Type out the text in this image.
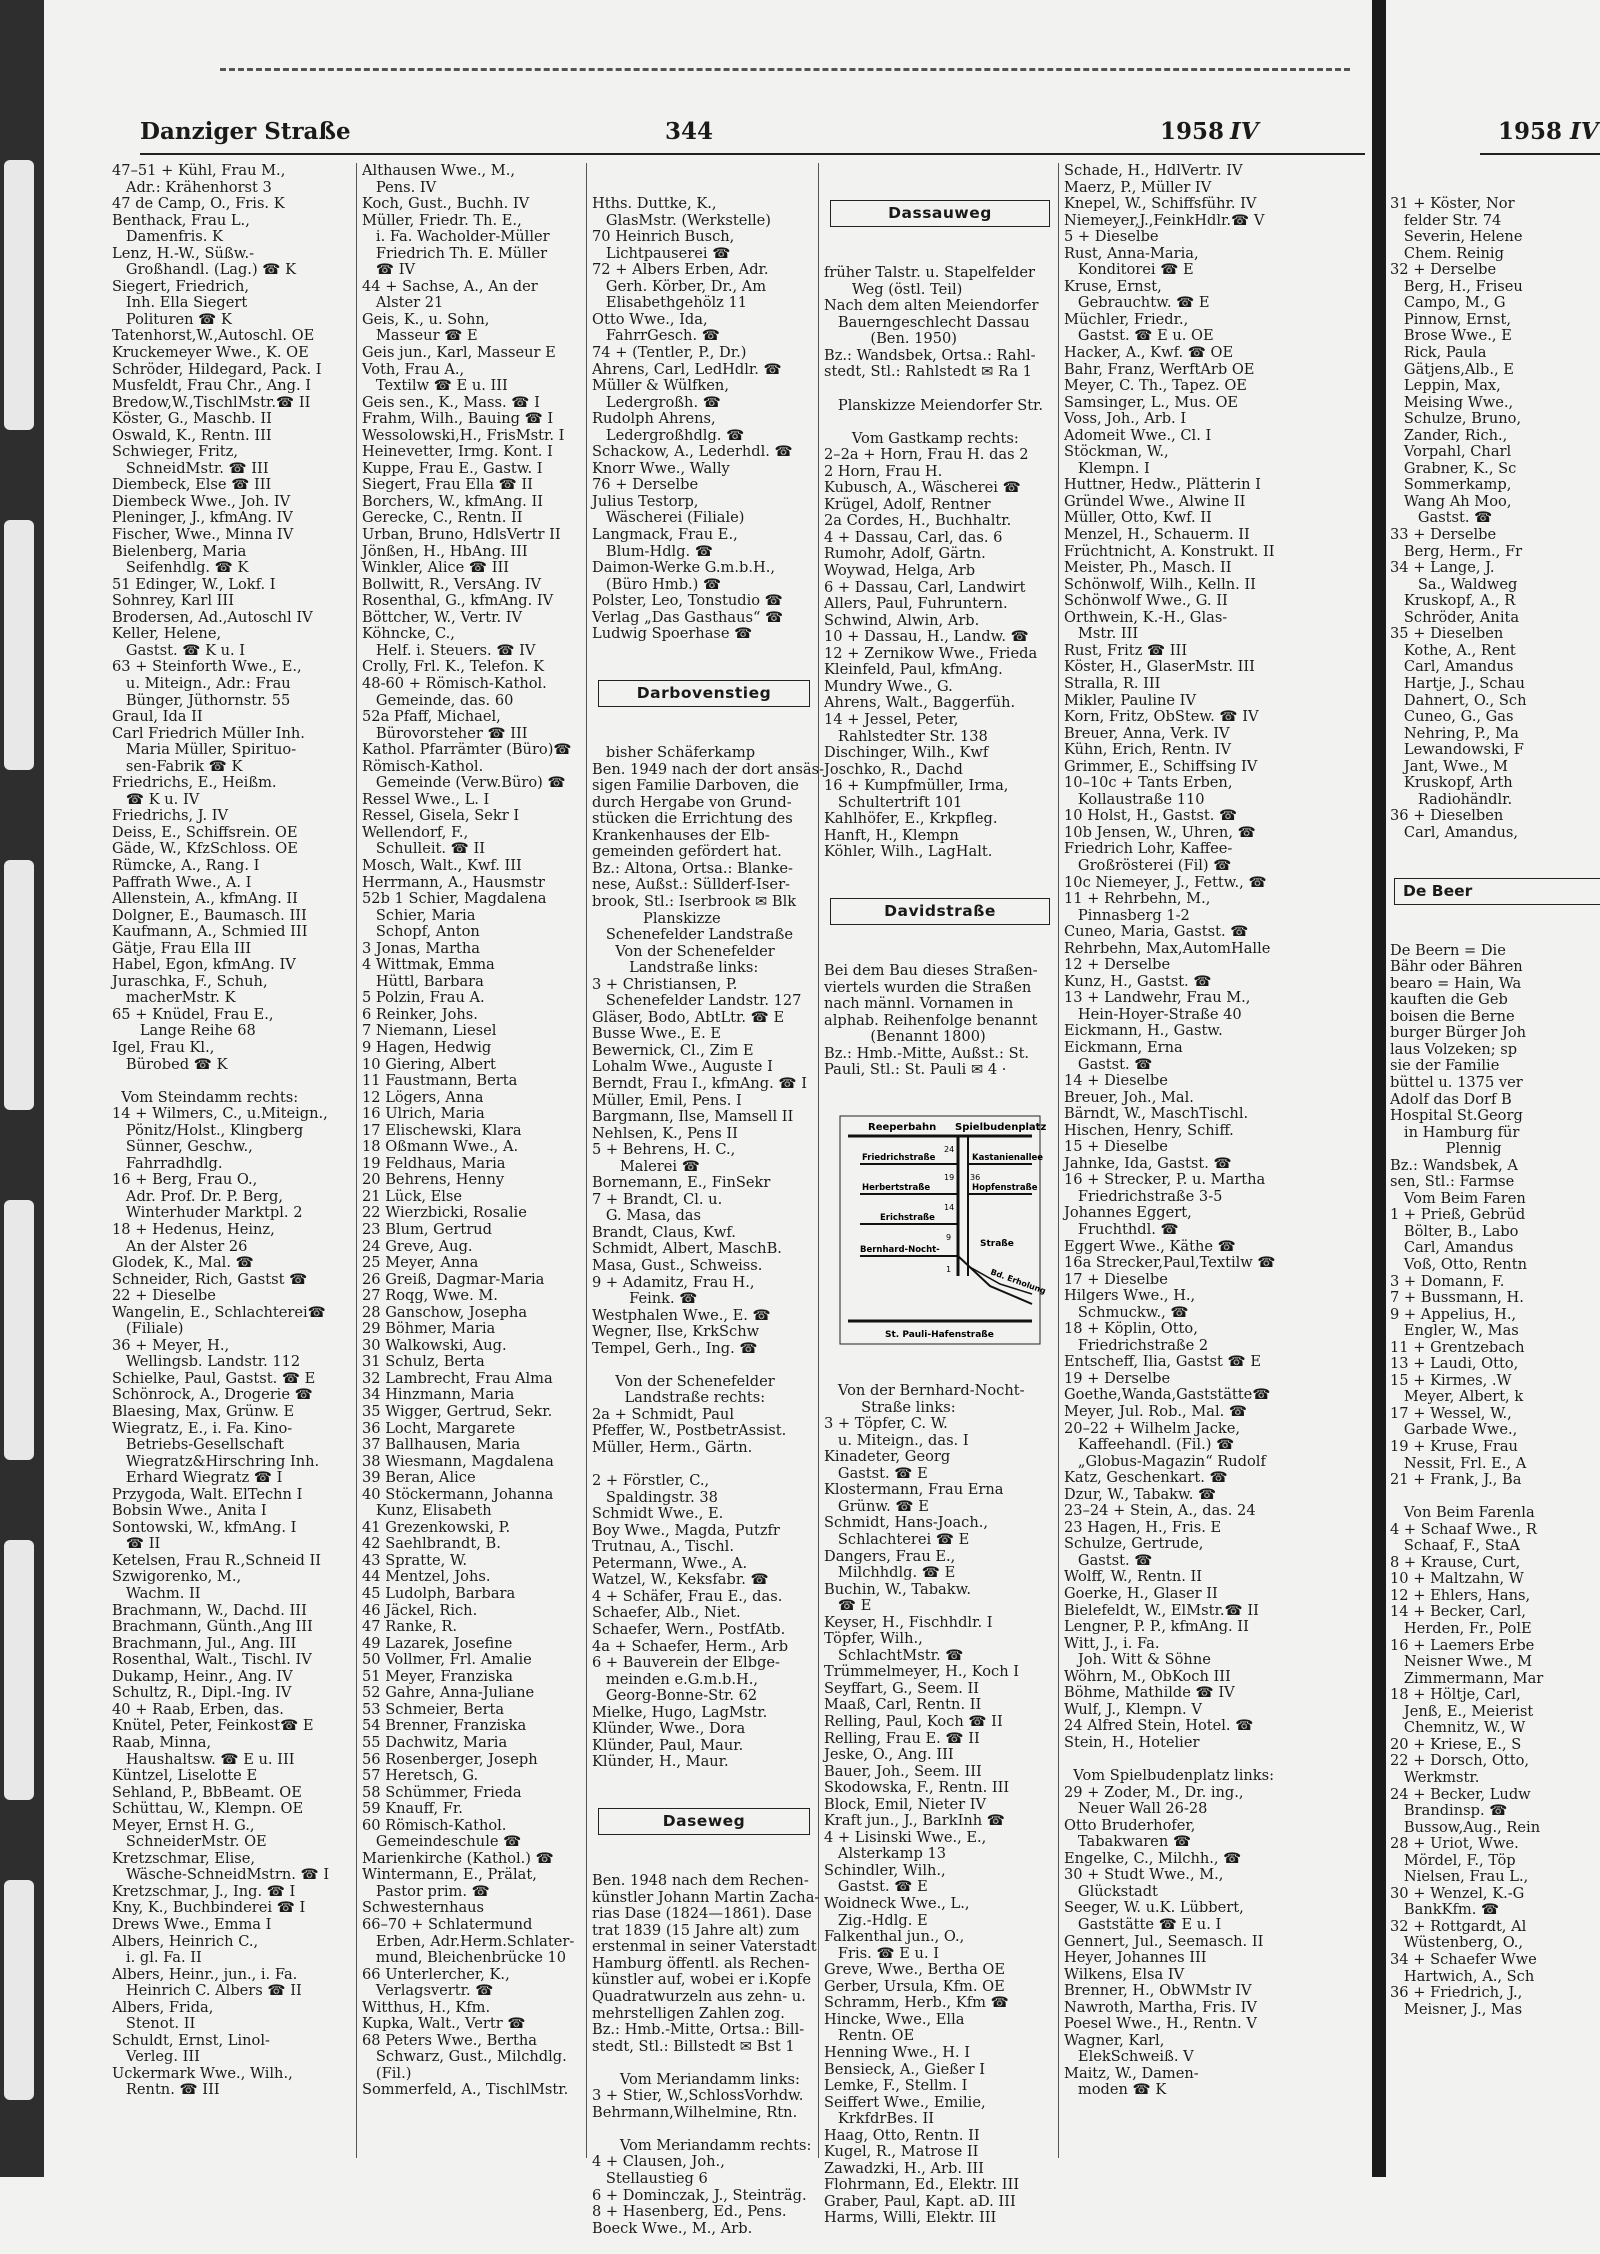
Danziger Straße	344	1958 IV	1958 IV
47–51 + Kühl, Frau M.,
Adr.: Krähenhorst 3
47 de Camp, O., Fris. K
Benthack, Frau L.,
Damenfris. K
Lenz, H.-W., Süßw.-
Großhandl. (Lag.) ☎ K
Siegert, Friedrich,
Inh. Ella Siegert
Polituren ☎ K
Tatenhorst,W.,Autoschl. OE
Kruckemeyer Wwe., K. OE
Schröder, Hildegard, Pack. I
Musfeldt, Frau Chr., Ang. I
Bredow,W.,TischlMstr.☎ II
Köster, G., Maschb. II
Oswald, K., Rentn. III
Schwieger, Fritz,
SchneidMstr. ☎ III
Diembeck, Else ☎ III
Diembeck Wwe., Joh. IV
Pleninger, J., kfmAng. IV
Fischer, Wwe., Minna IV
Bielenberg, Maria
Seifenhdlg. ☎ K
51 Edinger, W., Lokf. I
Sohnrey, Karl III
Brodersen, Ad.,Autoschl IV
Keller, Helene,
Gastst. ☎ K u. I
63 + Steinforth Wwe., E.,
u. Miteign., Adr.: Frau
Bünger, Jüthornstr. 55
Graul, Ida II
Carl Friedrich Müller Inh.
Maria Müller, Spirituo-
sen-Fabrik ☎ K
Friedrichs, E., Heißm.
☎ K u. IV
Friedrichs, J. IV
Deiss, E., Schiffsrein. OE
Gäde, W., KfzSchloss. OE
Rümcke, A., Rang. I
Paffrath Wwe., A. I
Allenstein, A., kfmAng. II
Dolgner, E., Baumasch. III
Kaufmann, A., Schmied III
Gätje, Frau Ella III
Habel, Egon, kfmAng. IV
Juraschka, F., Schuh,
macherMstr. K
65 + Knüdel, Frau E.,
Lange Reihe 68
Igel, Frau Kl.,
Bürobed ☎ K

Vom Steindamm rechts:
14 + Wilmers, C., u.Miteign.,
Pönitz/Holst., Klingberg
Sünner, Geschw.,
Fahrradhdlg.
16 + Berg, Frau O.,
Adr. Prof. Dr. P. Berg,
Winterhuder Marktpl. 2
18 + Hedenus, Heinz,
An der Alster 26
Glodek, K., Mal. ☎
Schneider, Rich, Gastst ☎
22 + Dieselbe
Wangelin, E., Schlachterei☎
(Filiale)
36 + Meyer, H.,
Wellingsb. Landstr. 112
Schielke, Paul, Gastst. ☎ E
Schönrock, A., Drogerie ☎
Blaesing, Max, Grünw. E
Wiegratz, E., i. Fa. Kino-
Betriebs-Gesellschaft
Wiegratz&Hirschring Inh.
Erhard Wiegratz ☎ I
Przygoda, Walt. ElTechn I
Bobsin Wwe., Anita I
Sontowski, W., kfmAng. I
☎ II
Ketelsen, Frau R.,Schneid II
Szwigorenko, M.,
Wachm. II
Brachmann, W., Dachd. III
Brachmann, Günth.,Ang III
Brachmann, Jul., Ang. III
Rosenthal, Walt., Tischl. IV
Dukamp, Heinr., Ang. IV
Schultz, R., Dipl.-Ing. IV
40 + Raab, Erben, das.
Knütel, Peter, Feinkost☎ E
Raab, Minna,
Haushaltsw. ☎ E u. III
Küntzel, Liselotte E
Sehland, P., BbBeamt. OE
Schüttau, W., Klempn. OE
Meyer, Ernst H. G.,
SchneiderMstr. OE
Kretzschmar, Elise,
Wäsche-SchneidMstrn. ☎ I
Kretzschmar, J., Ing. ☎ I
Kny, K., Buchbinderei ☎ I
Drews Wwe., Emma I
Albers, Heinrich C.,
i. gl. Fa. II
Albers, Heinr., jun., i. Fa.
Heinrich C. Albers ☎ II
Albers, Frida,
Stenot. II
Schuldt, Ernst, Linol-
Verleg. III
Uckermark Wwe., Wilh.,
Rentn. ☎ III
Althausen Wwe., M.,
Pens. IV
Koch, Gust., Buchh. IV
Müller, Friedr. Th. E.,
i. Fa. Wacholder-Müller
Friedrich Th. E. Müller
☎ IV
44 + Sachse, A., An der
Alster 21
Geis, K., u. Sohn,
Masseur ☎ E
Geis jun., Karl, Masseur E
Voth, Frau A.,
Textilw ☎ E u. III
Geis sen., K., Mass. ☎ I
Frahm, Wilh., Bauing ☎ I
Wessolowski,H., FrisMstr. I
Heinevetter, Irmg. Kont. I
Kuppe, Frau E., Gastw. I
Siegert, Frau Ella ☎ II
Borchers, W., kfmAng. II
Gerecke, C., Rentn. II
Urban, Bruno, HdlsVertr II
Jönßen, H., HbAng. III
Winkler, Alice ☎ III
Bollwitt, R., VersAng. IV
Rosenthal, G., kfmAng. IV
Böttcher, W., Vertr. IV
Köhncke, C.,
Helf. i. Steuers. ☎ IV
Crolly, Frl. K., Telefon. K
48-60 + Römisch-Kathol.
Gemeinde, das. 60
52a Pfaff, Michael,
Bürovorsteher ☎ III
Kathol. Pfarrämter (Büro)☎
Römisch-Kathol.
Gemeinde (Verw.Büro) ☎
Ressel Wwe., L. I
Ressel, Gisela, Sekr I
Wellendorf, F.,
Schulleit. ☎ II
Mosch, Walt., Kwf. III
Herrmann, A., Hausmstr
52b 1 Schier, Magdalena
Schier, Maria
Schopf, Anton
3 Jonas, Martha
4 Wittmak, Emma
Hüttl, Barbara
5 Polzin, Frau A.
6 Reinker, Johs.
7 Niemann, Liesel
9 Hagen, Hedwig
10 Giering, Albert
11 Faustmann, Berta
12 Lögers, Anna
16 Ulrich, Maria
17 Elischewski, Klara
18 Oßmann Wwe., A.
19 Feldhaus, Maria
20 Behrens, Henny
21 Lück, Else
22 Wierzbicki, Rosalie
23 Blum, Gertrud
24 Greve, Aug.
25 Meyer, Anna
26 Greiß, Dagmar-Maria
27 Roqg, Wwe. M.
28 Ganschow, Josepha
29 Böhmer, Maria
30 Walkowski, Aug.
31 Schulz, Berta
32 Lambrecht, Frau Alma
34 Hinzmann, Maria
35 Wigger, Gertrud, Sekr.
36 Locht, Margarete
37 Ballhausen, Maria
38 Wiesmann, Magdalena
39 Beran, Alice
40 Stöckermann, Johanna
Kunz, Elisabeth
41 Grezenkowski, P.
42 Saehlbrandt, B.
43 Spratte, W.
44 Mentzel, Johs.
45 Ludolph, Barbara
46 Jäckel, Rich.
47 Ranke, R.
49 Lazarek, Josefine
50 Vollmer, Frl. Amalie
51 Meyer, Franziska
52 Gahre, Anna-Juliane
53 Schmeier, Berta
54 Brenner, Franziska
55 Dachwitz, Maria
56 Rosenberger, Joseph
57 Heretsch, G.
58 Schümmer, Frieda
59 Knauff, Fr.
60 Römisch-Kathol.
Gemeindeschule ☎
Marienkirche (Kathol.) ☎
Wintermann, E., Prälat,
Pastor prim. ☎
Schwesternhaus
66–70 + Schlatermund
Erben, Adr.Herm.Schlater-
mund, Bleichenbrücke 10
66 Unterlercher, K.,
Verlagsvertr. ☎
Witthus, H., Kfm.
Kupka, Walt., Vertr ☎
68 Peters Wwe., Bertha
Schwarz, Gust., Milchdlg.
(Fil.)
Sommerfeld, A., TischlMstr.

Hths. Duttke, K.,
GlasMstr. (Werkstelle)
70 Heinrich Busch,
Lichtpauserei ☎
72 + Albers Erben, Adr.
Gerh. Körber, Dr., Am
Elisabethgehölz 11
Otto Wwe., Ida,
FahrrGesch. ☎
74 + (Tentler, P., Dr.)
Ahrens, Carl, LedHdlr. ☎
Müller & Wülfken,
Ledergroßh. ☎
Rudolph Ahrens,
Ledergroßhdlg. ☎
Schackow, A., Lederhdl. ☎
Knorr Wwe., Wally
76 + Derselbe
Julius Testorp,
Wäscherei (Filiale)
Langmack, Frau E.,
Blum-Hdlg. ☎
Daimon-Werke G.m.b.H.,
(Büro Hmb.) ☎
Polster, Leo, Tonstudio ☎
Verlag „Das Gasthaus“ ☎
Ludwig Spoerhase ☎

Darbovenstieg

bisher Schäferkamp
Ben. 1949 nach der dort ansäs-
sigen Familie Darboven, die
durch Hergabe von Grund-
stücken die Errichtung des
Krankenhauses der Elb-
gemeinden gefördert hat.
Bz.: Altona, Ortsa.: Blanke-
nese, Außst.: Süllderf-Iser-
brook, Stl.: Iserbrook ✉ Blk
Planskizze
Schenefelder Landstraße
Von der Schenefelder
Landstraße links:
3 + Christiansen, P.
Schenefelder Landstr. 127
Gläser, Bodo, AbtLtr. ☎ E
Busse Wwe., E. E
Bewernick, Cl., Zim E
Lohalm Wwe., Auguste I
Berndt, Frau I., kfmAng. ☎ I
Müller, Emil, Pens. I
Bargmann, Ilse, Mamsell II
Nehlsen, K., Pens II
5 + Behrens, H. C.,
Malerei ☎
Bornemann, E., FinSekr
7 + Brandt, Cl. u.
G. Masa, das
Brandt, Claus, Kwf.
Schmidt, Albert, MaschB.
Masa, Gust., Schweiss.
9 + Adamitz, Frau H.,
Feink. ☎
Westphalen Wwe., E. ☎
Wegner, Ilse, KrkSchw
Tempel, Gerh., Ing. ☎

Von der Schenefelder
Landstraße rechts:
2a + Schmidt, Paul
Pfeffer, W., PostbetrAssist.
Müller, Herm., Gärtn.

2 + Förstler, C.,
Spaldingstr. 38
Schmidt Wwe., E.
Boy Wwe., Magda, Putzfr
Trutnau, A., Tischl.
Petermann, Wwe., A.
Watzel, W., Keksfabr. ☎
4 + Schäfer, Frau E., das.
Schaefer, Alb., Niet.
Schaefer, Wern., PostfAtb.
4a + Schaefer, Herm., Arb
6 + Bauverein der Elbge-
meinden e.G.m.b.H.,
Georg-Bonne-Str. 62
Mielke, Hugo, LagMstr.
Klünder, Wwe., Dora
Klünder, Paul, Maur.
Klünder, H., Maur.

Daseweg

Ben. 1948 nach dem Rechen-
künstler Johann Martin Zacha-
rias Dase (1824—1861). Dase
trat 1839 (15 Jahre alt) zum
erstenmal in seiner Vaterstadt
Hamburg öffentl. als Rechen-
künstler auf, wobei er i.Kopfe
Quadratwurzeln aus zehn- u.
mehrstelligen Zahlen zog.
Bz.: Hmb.-Mitte, Ortsa.: Bill-
stedt, Stl.: Billstedt ✉ Bst 1

Vom Meriandamm links:
3 + Stier, W.,SchlossVorhdw.
Behrmann,Wilhelmine, Rtn.

Vom Meriandamm rechts:
4 + Clausen, Joh.,
Stellaustieg 6
6 + Dominczak, J., Steinträg.
8 + Hasenberg, Ed., Pens.
Boeck Wwe., M., Arb.

Dassauweg

früher Talstr. u. Stapelfelder
Weg (östl. Teil)
Nach dem alten Meiendorfer
Bauerngeschlecht Dassau
(Ben. 1950)
Bz.: Wandsbek, Ortsa.: Rahl-
stedt, Stl.: Rahlstedt ✉ Ra 1

Planskizze Meiendorfer Str.

Vom Gastkamp rechts:
2–2a + Horn, Frau H. das 2
2 Horn, Frau H.
Kubusch, A., Wäscherei ☎
Krügel, Adolf, Rentner
2a Cordes, H., Buchhaltr.
4 + Dassau, Carl, das. 6
Rumohr, Adolf, Gärtn.
Woywad, Helga, Arb
6 + Dassau, Carl, Landwirt
Allers, Paul, Fuhruntern.
Schwind, Alwin, Arb.
10 + Dassau, H., Landw. ☎
12 + Zernikow Wwe., Frieda
Kleinfeld, Paul, kfmAng.
Mundry Wwe., G.
Ahrens, Walt., Baggerfüh.
14 + Jessel, Peter,
Rahlstedter Str. 138
Dischinger, Wilh., Kwf
Joschko, R., Dachd
16 + Kumpfmüller, Irma,
Schultertrift 101
Kahlhöfer, E., Krkpfleg.
Hanft, H., Klempn
Köhler, Wilh., LagHalt.

Davidstraße

Bei dem Bau dieses Straßen-
viertels wurden die Straßen
nach männl. Vornamen in
alphab. Reihenfolge benannt
(Benannt 1800)
Bz.: Hmb.-Mitte, Außst.: St.
Pauli, Stl.: St. Pauli ✉ 4 ·

Reeperbahn Spielbudenplatz
Friedrichstraße	Kastanienallee
Herbertstraße	Hopfenstraße
Erichstraße
Bernhard-Nocht-
Straße
Bd. Erholung
St. Pauli-Hafenstraße
24
19 36
14
9
1

Von der Bernhard-Nocht-
Straße links:
3 + Töpfer, C. W.
u. Miteign., das. I
Kinadeter, Georg
Gastst. ☎ E
Klostermann, Frau Erna
Grünw. ☎ E
Schmidt, Hans-Joach.,
Schlachterei ☎ E
Dangers, Frau E.,
Milchhdlg. ☎ E
Buchin, W., Tabakw.
☎ E
Keyser, H., Fischhdlr. I
Töpfer, Wilh.,
SchlachtMstr. ☎
Trümmelmeyer, H., Koch I
Seyffart, G., Seem. II
Maaß, Carl, Rentn. II
Relling, Paul, Koch ☎ II
Relling, Frau E. ☎ II
Jeske, O., Ang. III
Bauer, Joh., Seem. III
Skodowska, F., Rentn. III
Block, Emil, Nieter IV
Kraft jun., J., BarkInh ☎
4 + Lisinski Wwe., E.,
Alsterkamp 13
Schindler, Wilh.,
Gastst. ☎ E
Woidneck Wwe., L.,
Zig.-Hdlg. E
Falkenthal jun., O.,
Fris. ☎ E u. I
Greve, Wwe., Bertha OE
Gerber, Ursula, Kfm. OE
Schramm, Herb., Kfm ☎
Hincke, Wwe., Ella
Rentn. OE
Henning Wwe., H. I
Bensieck, A., Gießer I
Lemke, F., Stellm. I
Seiffert Wwe., Emilie,
KrkfdrBes. II
Haag, Otto, Rentn. II
Kugel, R., Matrose II
Zawadzki, H., Arb. III
Flohrmann, Ed., Elektr. III
Graber, Paul, Kapt. aD. III
Harms, Willi, Elektr. III

Schade, H., HdlVertr. IV
Maerz, P., Müller IV
Knepel, W., Schiffsführ. IV
Niemeyer,J.,FeinkHdlr.☎ V
5 + Dieselbe
Rust, Anna-Maria,
Konditorei ☎ E
Kruse, Ernst,
Gebrauchtw. ☎ E
Müchler, Friedr.,
Gastst. ☎ E u. OE
Hacker, A., Kwf. ☎ OE
Bahr, Franz, WerftArb OE
Meyer, C. Th., Tapez. OE
Samsinger, L., Mus. OE
Voss, Joh., Arb. I
Adomeit Wwe., Cl. I
Stöckman, W.,
Klempn. I
Huttner, Hedw., Plätterin I
Gründel Wwe., Alwine II
Müller, Otto, Kwf. II
Menzel, H., Schauerm. II
Früchtnicht, A. Konstrukt. II
Meister, Ph., Masch. II
Schönwolf, Wilh., Kelln. II
Schönwolf Wwe., G. II
Orthwein, K.-H., Glas-
Mstr. III
Rust, Fritz ☎ III
Köster, H., GlaserMstr. III
Stralla, R. III
Mikler, Pauline IV
Korn, Fritz, ObStew. ☎ IV
Breuer, Anna, Verk. IV
Kühn, Erich, Rentn. IV
Grimmer, E., Schiffsing IV
10–10c + Tants Erben,
Kollaustraße 110
10 Holst, H., Gastst. ☎
10b Jensen, W., Uhren, ☎
Friedrich Lohr, Kaffee-
Großrösterei (Fil) ☎
10c Niemeyer, J., Fettw., ☎
11 + Rehrbehn, M.,
Pinnasberg 1-2
Cuneo, Maria, Gastst. ☎
Rehrbehn, Max,AutomHalle
12 + Derselbe
Kunz, H., Gastst. ☎
13 + Landwehr, Frau M.,
Hein-Hoyer-Straße 40
Eickmann, H., Gastw.
Eickmann, Erna
Gastst. ☎
14 + Dieselbe
Breuer, Joh., Mal.
Bärndt, W., MaschTischl.
Hischen, Henry, Schiff.
15 + Dieselbe
Jahnke, Ida, Gastst. ☎
16 + Strecker, P. u. Martha
Friedrichstraße 3-5
Johannes Eggert,
Fruchthdl. ☎
Eggert Wwe., Käthe ☎
16a Strecker,Paul,Textilw ☎
17 + Dieselbe
Hilgers Wwe., H.,
Schmuckw., ☎
18 + Köplin, Otto,
Friedrichstraße 2
Entscheff, Ilia, Gastst ☎ E
19 + Derselbe
Goethe,Wanda,Gaststätte☎
Meyer, Jul. Rob., Mal. ☎
20–22 + Wilhelm Jacke,
Kaffeehandl. (Fil.) ☎
„Globus-Magazin“ Rudolf
Katz, Geschenkart. ☎
Dzur, W., Tabakw. ☎
23–24 + Stein, A., das. 24
23 Hagen, H., Fris. E
Schulze, Gertrude,
Gastst. ☎
Wolff, W., Rentn. II
Goerke, H., Glaser II
Bielefeldt, W., ElMstr.☎ II
Lengner, P. P., kfmAng. II
Witt, J., i. Fa.
Joh. Witt & Söhne
Wöhrn, M., ObKoch III
Böhme, Mathilde ☎ IV
Wulf, J., Klempn. V
24 Alfred Stein, Hotel. ☎
Stein, H., Hotelier

Vom Spielbudenplatz links:
29 + Zoder, M., Dr. ing.,
Neuer Wall 26-28
Otto Bruderhofer,
Tabakwaren ☎
Engelke, C., Milchh., ☎
30 + Studt Wwe., M.,
Glückstadt
Seeger, W. u.K. Lübbert,
Gaststätte ☎ E u. I
Gennert, Jul., Seemasch. II
Heyer, Johannes III
Wilkens, Elsa IV
Brenner, H., ObWMstr IV
Nawroth, Martha, Fris. IV
Poesel Wwe., H., Rentn. V
Wagner, Karl,
ElekSchweiß. V
Maitz, W., Damen-
moden ☎ K

31 + Köster, Nor
felder Str. 74
Severin, Helene
Chem. Reinig
32 + Derselbe
Berg, H., Friseu
Campo, M., G
Pinnow, Ernst,
Brose Wwe., E
Rick, Paula
Gätjens,Alb., E
Leppin, Max,
Meising Wwe.,
Schulze, Bruno,
Zander, Rich.,
Vorpahl, Charl
Grabner, K., Sc
Sommerkamp,
Wang Ah Moo,
Gastst. ☎
33 + Derselbe
Berg, Herm., Fr
34 + Lange, J.
Sa., Waldweg
Kruskopf, A., R
Schröder, Anita
35 + Dieselben
Kothe, A., Rent
Carl, Amandus
Hartje, J., Schau
Dahnert, O., Sch
Cuneo, G., Gas
Nehring, P., Ma
Lewandowski, F
Jant, Wwe., M
Kruskopf, Arth
Radiohändlr.
36 + Dieselben
Carl, Amandus,

De Beer

De Beern = Die
Bähr oder Bähren
bearo = Hain, Wa
kauften die Geb
boisen die Berne
burger Bürger Joh
laus Volzeken; sp
sie der Familie
büttel u. 1375 ver
Adolf das Dorf B
Hospital St.Georg
in Hamburg für
Plennig
Bz.: Wandsbek, A
sen, Stl.: Farmse
Vom Beim Faren
1 + Prieß, Gebrüd
Bölter, B., Labo
Carl, Amandus
Voß, Otto, Rentn
3 + Domann, F.
7 + Bussmann, H.
9 + Appelius, H.,
Engler, W., Mas
11 + Grentzebach
13 + Laudi, Otto,
15 + Kirmes, .W
Meyer, Albert, k
17 + Wessel, W.,
Garbade Wwe.,
19 + Kruse, Frau
Nessit, Frl. E., A
21 + Frank, J., Ba

Von Beim Farenla
4 + Schaaf Wwe., R
Schaaf, F., StaA
8 + Krause, Curt,
10 + Maltzahn, W
12 + Ehlers, Hans,
14 + Becker, Carl,
Herden, Fr., PolE
16 + Laemers Erbe
Neisner Wwe., M
Zimmermann, Mar
18 + Höltje, Carl,
Jenß, E., Meierist
Chemnitz, W., W
20 + Kriese, E., S
22 + Dorsch, Otto,
Werkmstr.
24 + Becker, Ludw
Brandinsp. ☎
Bussow,Aug., Rein
28 + Uriot, Wwe.
Mördel, F., Töp
Nielsen, Frau L.,
30 + Wenzel, K.-G
BankKfm. ☎
32 + Rottgardt, Al
Wüstenberg, O.,
34 + Schaefer Wwe
Hartwich, A., Sch
36 + Friedrich, J.,
Meisner, J., Mas
